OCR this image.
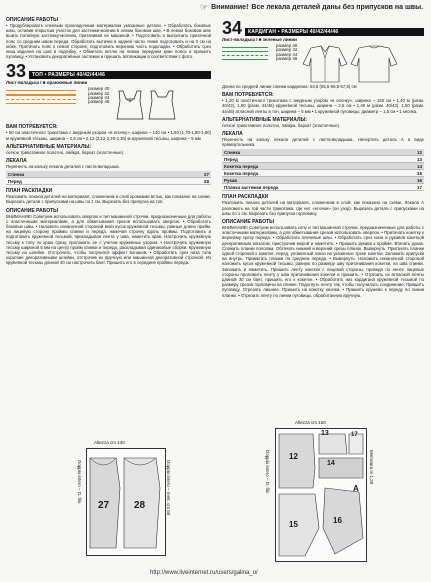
☞ Внимание! Все лекала деталей даны без припусков на швы.
ОПИСАНИЕ РАБОТЫ
• Продублировать клеевым прокладочным материалом указанные детали. • Обработать боковые швы, оставив открытым участок для застежки-молнии в левом боковом шве. • В левом боковом шве вшить потайную застежку-молнию, притачивая ее машиной. • Подготовить и выполнить притачной пояс со средним швом переда. Обработать вытачки в задней части. Ниже подготовить и на 3 см на юбке. Притачать пояс к левой стороне; подготовить верхнюю часть подкладки. • Обработать срез низа изделия на шов в подгибку. • Обметать петлю на левом переднем крае пояса и пришить пуговицу. • Установить декоративные застежки и пришить аппликации в соответствии с фото.
33	ТОП • РАЗМЕРЫ 40/42/44/46
Лист-вкладыш I ■ оранжевые линии
размер 40
размер 42
размер 44
размер 46
ВАМ ПОТРЕБУЕТСЯ:
• 50 см эластичного трикотажа с ажурным узором «в елочку», ширина – 140 см • 1,60 (1,70-1,80-1,90) м кружевной тесьмы, ширина – 2,5 см • 2,12 (2,12-2,20-2,30) м кружевной тесьмы, ширина – 5 мм
АЛЬТЕРНАТИВНЫЕ МАТЕРИАЛЫ:
легкое трикотажное полотно, лайкра, бархат (эластичные).
ЛЕКАЛА
Перенесть на кальку лекала деталей с листа-вкладыша.
Спинка	27
Перед	28
ПЛАН РАСКЛАДКИ
Разложить лекала деталей на материале, сложенном в слой кромками встык, как показано на схеме. Вырезать детали с припусками на швы по 1 см. Вырезать без припуска на топ.
ОПИСАНИЕ РАБОТЫ
ВНИМАНИЕ! Советуем использовать оверлок и тип машинной строчки, предназначенные для работы с эластичными материалами, а для обметывания срезов использовать оверлок. • Обработать боковые швы. • Наложить изнаночной стороной вниз кусок кружевной тесьмы, равные длине пройм, на лицевую сторону проймы спинки и переда, намечая строчку вдоль проймы. Подготовить и подготовить кружевной тесьмой, прикладывая лента у шва, наметить края. Настрочить кружевную тесьму к топу по краю срезу, проложить ее с учетом кружевных узором. • Настрочить кружевную тесьму шириной 5 мм на центр пройм спинки и переда, раскладывая одинаковые сборки. Кружевную тесьму на шлейке. Отстрочить, чтобы получился эффект воланов. • Обработать срез низа топа короткие декоративными шлейки, отстрочив их вручную или машинной декоративной строчкой. Из кружевной тесьмы длиной 40 см настрочить бант. Пришить его в середине проймы переда.
Altezza cm 140
27 28
Doppio intero – D. filo	Doppio intero – metr. cm 50
34	КАРДИГАН • РАЗМЕРЫ 40/42/44/46
Лист-вкладыш I ■ зеленые линии
размер 40
размер 42
размер 44
размер 46
Длина по средней линии спинки кардигана: 54,5 (55,5-56,5-57,5) см
ВАМ ПОТРЕБУЕТСЯ:
• 1,20 м эластичного трикотажа с ажурным узором «в елочку», ширина – 150 см • 1,40 м (разм. 40/42), 1,50 (разм. 44/46) кружевной тесьмы, ширина – 2,5 см • 1,40 м (разм. 40/42), 1,50 (разм. 44/46) атласной ленты в тон, ширина – 5 мм • 1 кружевной пуговицы, диаметр – 1,5 см • 1 кнопка.
АЛЬТЕРНАТИВНЫЕ МАТЕРИАЛЫ:
легкое трикотажное полотно, лайкра, бархат (эластичные).
ЛЕКАЛА
Перенесть на кальку лекала деталей с листа-вкладыша. Начертить деталь А в виде прямоугольника.
Спинка	12
Перед	13
Кокетка переда	14
Кокетка переда	15
Рукав	16
Планка застежки переда	17
ПЛАН РАСКЛАДКИ
Разложить лекала деталей на материале, сложенном в слой, как показано на схеме. Лекала А разложить на той части трикотажа, где нет «елочки» (он узор). Вырезать детали с припусками на швы по 1 см. Вырезать без припуска горловину.
ОПИСАНИЕ РАБОТЫ
ВНИМАНИЕ! Советуем использовать иглу и тип машинной строчки, предназначенные для работы с эластичными материалами, а для обметывания срезов использовать оверлок. • Притачать кокетку к верхнему срезу переда. • Обработать плечевые швы. • Обработать срез низа и рукавов кокеткой декоративным зигзагом, пристрочив мерой и наметить. • Пришить рукава к пройме. Втачать рукав. Сложить планки пополам. Обтачать нижний и верхний срезы планок. Вывернуть. Притачать планки одной стороной к кокетке, перед, уложенный показ на указанное треке кокетки. Заложить припуски на внутрь. Приметать планки по среднем переда. • Вывернуть. Наложить изнаночной стороной наложить кусок кружевной тесьмы, равную по размеру шву притачивания кокетки, на шва спинки. Заложить и наметить. Пришить ленту кокетки с лицевой стороны, проведя по ленте лицевые стороны проложить ленту у шва притачивания кокетки и пришить. • Отрезать из атласной ленты длиной 30 см бант, пришить его к кокетке. • Обработать низ кардигана кружевной тесьмой по размеру срезов горловины на спинке. Подогнуть ленту так, чтобы получилось соединение. Пришить пуговицу. Отрезать лишнее. Пришить на кокетку кнопки. • Пришить кружево к переду по линии планки. • Отрезать ленту по линии пуговицы, обработанную вручную.
Altezza cm 150
12
13
14
15	16
17
A
Doppio intero – D. filo	Metratura m 1,20
http://www.liveinternet.ru/users/galina_o/
